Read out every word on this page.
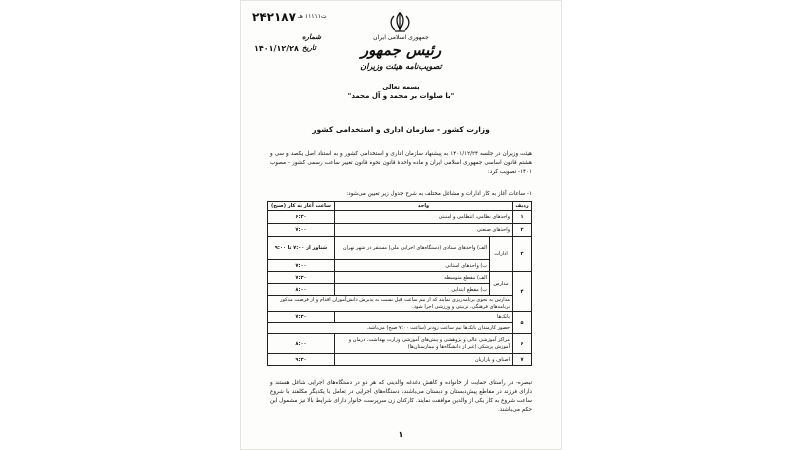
۲۴۲۱۸۷ ت۱۱۱۱۱ هـ
شماره
تاریخ
۱۴۰۱/۱۲/۲۸
جمهوری اسلامی ایران
رئیس جمهور
تصویب‌نامه هیئت وزیران
بسمه تعالی
"با صلوات بر محمد و آل محمد"
وزارت کشور - سازمان اداری و استخدامی کشور
هیئت وزیران در جلسه ۱۴۰۱/۱۲/۲۴ به پیشنهاد سازمان اداری و استخدامی کشور و به استناد اصل یکصد و سی و هشتم قانون اساسی جمهوری اسلامی ایران و ماده واحدهٔ قانون نحوه قانون تغییر ساعت رسمی کشور - مصوب ۱۴۰۱- تصویب کرد:
۱- ساعات آغاز به کار ادارات و مشاغل مختلف به شرح جدول زیر تعیین می‌شود:
ردیف	واحد		ساعت آغاز به کار (صبح)
۱	واحدهای نظامی، انتظامی و امنیتی		۶:۳۰
۲	واحدهای صنعتی		۷:۰۰
۳	ادارات	الف) واحدهای ستادی (دستگاه‌های اجرایی ملی) مستقر در شهر تهران	شناور از ۷:۰۰ تا ۹:۰۰
		ب) واحدهای استانی	۷:۰۰
۴	مدارس	الف) مقطع متوسطه	۷:۳۰
		ب) مقطع ابتدایی	۸:۰۰
	مدارس به نحوی برنامه‌ریزی نمایند که از نیم ساعت قبل نسبت به پذیرش دانش‌آموزان اقدام و از فرصت مذکور برنامه‌های فرهنگی، تربیتی و ورزشی اجرا شود.		
۵	بانک‌ها		۷:۳۰
	حضور کارمندان بانک‌ها نیم ساعت زودتر (ساعت ۷:۰۰ صبح) می‌باشد.		
۶	مراکز آموزشی عالی و پژوهشی و پیش‌های آموزشی وزارت بهداشت، درمان و آموزش پزشکی (غیر از دانشگاه‌ها و بیمارستان‌ها)		۸:۰۰
۷	اصناف و بازاریان		۹:۳۰
تبصره- در راستای حمایت از خانواده و کاهش دغدغه والدینی که هر دو در دستگاه‌های اجرایی شاغل هستند و دارای فرزند در مقاطع پیش‌دبستان و دبستان می‌باشند، دستگاه‌های اجرایی در تعامل با یکدیگر مکلفند با شروع ساعت شروع به کار یکی از والدین موافقت نمایند. کارکنان زن سرپرست خانوار دارای شرایط بالا نیز مشمول این حکم می‌باشند.
۱
